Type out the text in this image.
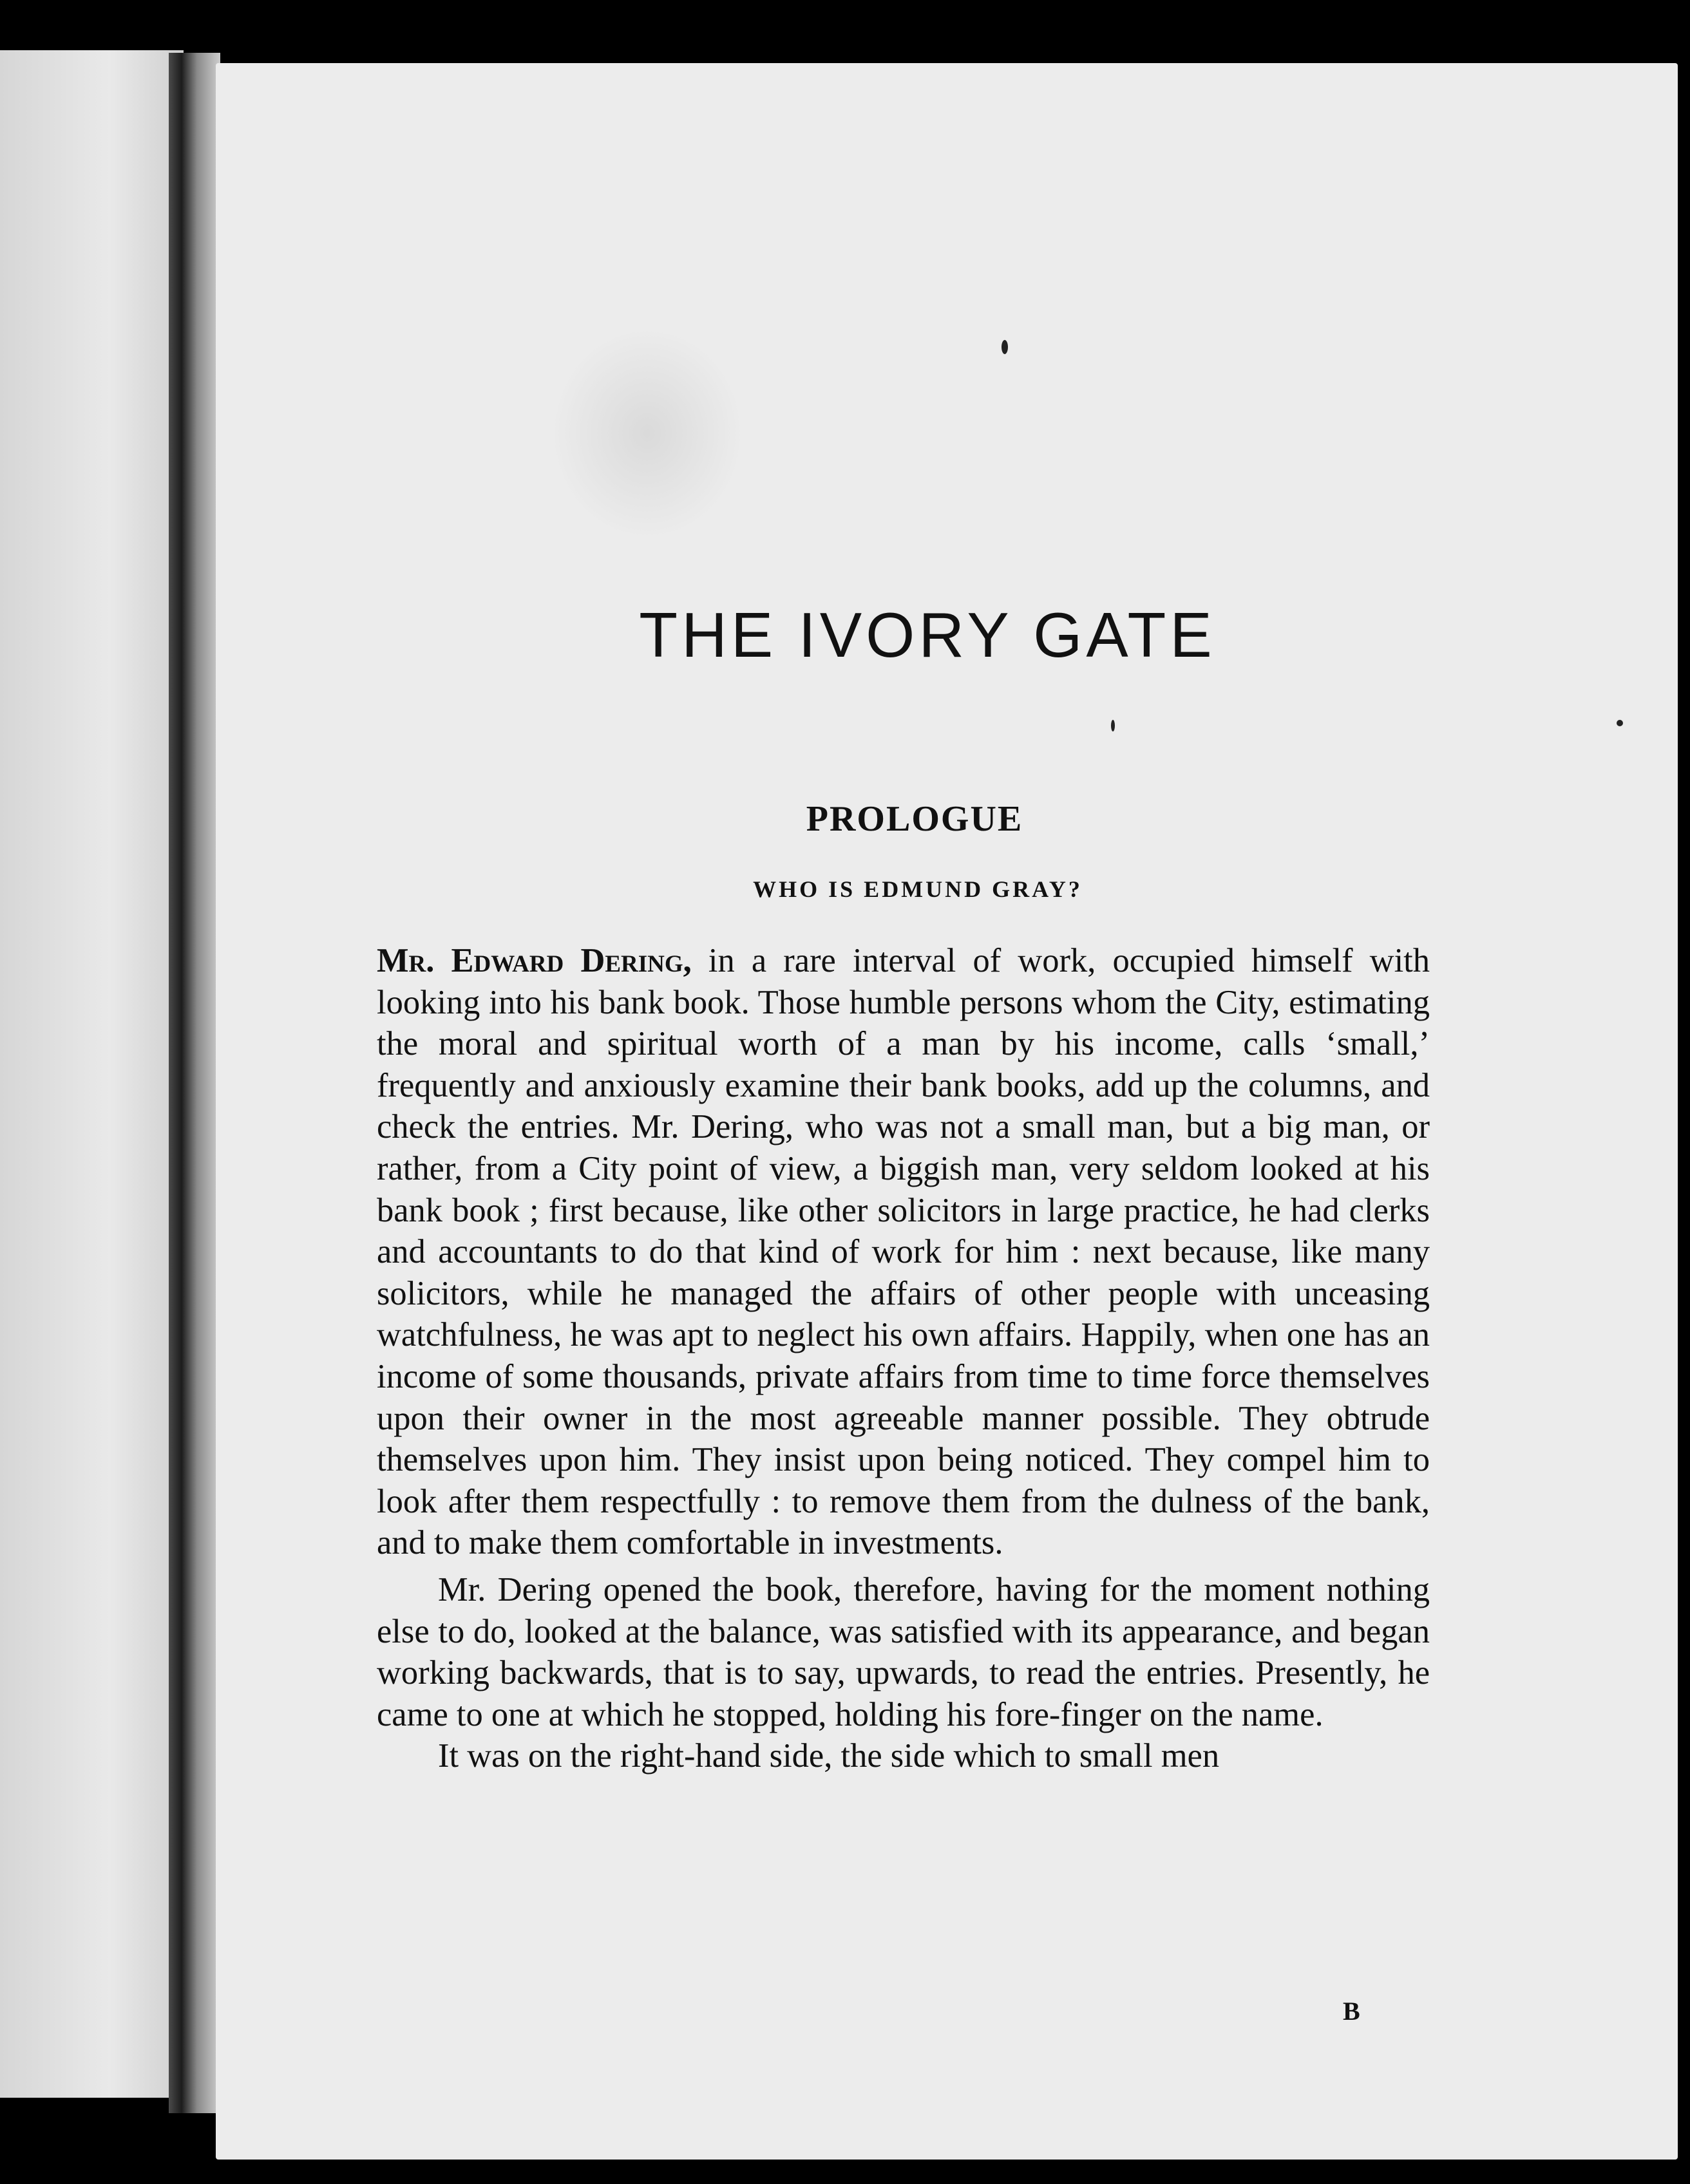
THE IVORY GATE
PROLOGUE
WHO IS EDMUND GRAY?

Mr. Edward Dering, in a rare interval of work, occupied himself with looking into his bank book. Those humble persons whom the City, estimating the moral and spiritual worth of a man by his income, calls ‘small,’ frequently and anxiously examine their bank books, add up the columns, and check the entries. Mr. Dering, who was not a small man, but a big man, or rather, from a City point of view, a biggish man, very seldom looked at his bank book ; first because, like other solicitors in large practice, he had clerks and accountants to do that kind of work for him : next because, like many solicitors, while he managed the affairs of other people with unceasing watchfulness, he was apt to neglect his own affairs. Happily, when one has an income of some thousands, private affairs from time to time force themselves upon their owner in the most agreeable manner possible. They obtrude themselves upon him. They insist upon being noticed. They compel him to look after them respectfully : to remove them from the dulness of the bank, and to make them comfortable in investments.

Mr. Dering opened the book, therefore, having for the moment nothing else to do, looked at the balance, was satisfied with its appearance, and began working backwards, that is to say, upwards, to read the entries. Presently, he came to one at which he stopped, holding his fore-finger on the name.

It was on the right-hand side, the side which to small men

B
